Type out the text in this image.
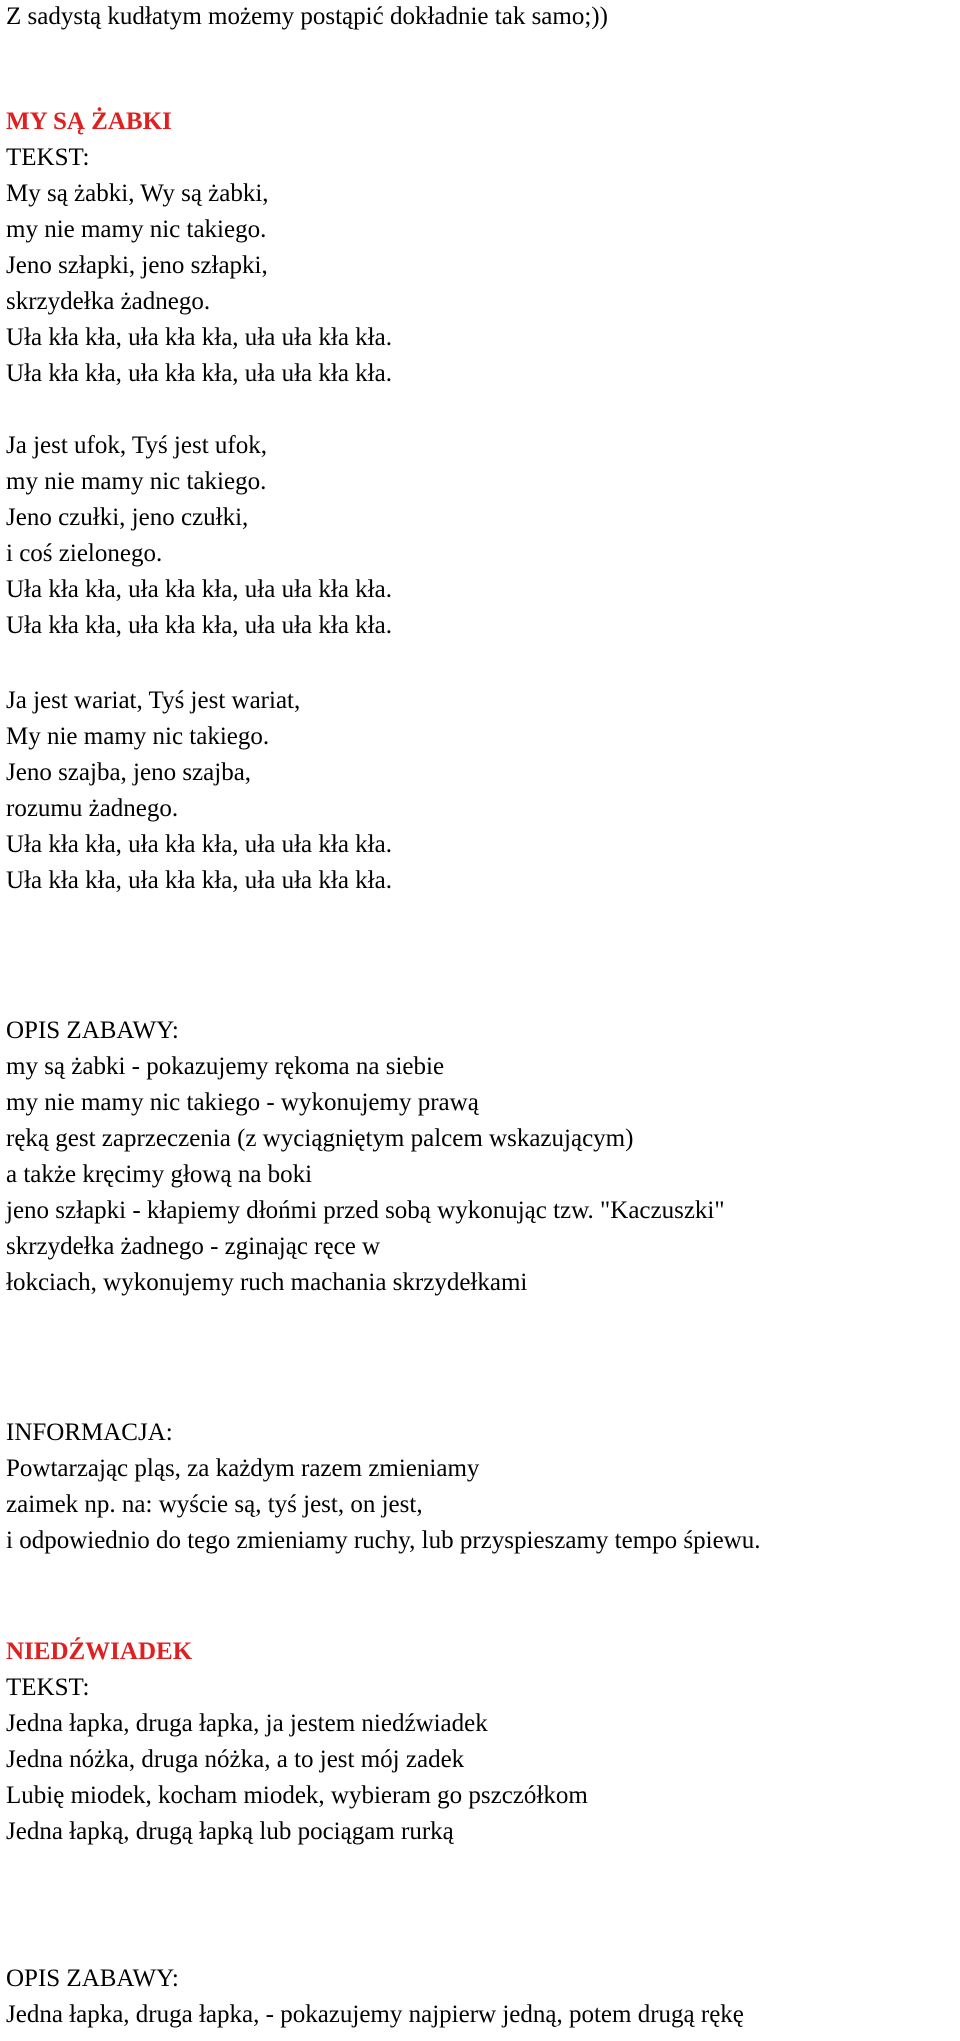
Z sadystą kudłatym możemy postąpić dokładnie tak samo;))

MY SĄ ŻABKI

TEKST:

My są żabki, Wy są żabki,

my nie mamy nic takiego.

Jeno szłapki, jeno szłapki,

skrzydełka żadnego.

Uła kła kła, uła kła kła, uła uła kła kła.

Uła kła kła, uła kła kła, uła uła kła kła.

Ja jest ufok, Tyś jest ufok,

my nie mamy nic takiego.

Jeno czułki, jeno czułki,

i coś zielonego.

Uła kła kła, uła kła kła, uła uła kła kła.

Uła kła kła, uła kła kła, uła uła kła kła.

Ja jest wariat, Tyś jest wariat,

My nie mamy nic takiego.

Jeno szajba, jeno szajba,

rozumu żadnego.

Uła kła kła, uła kła kła, uła uła kła kła.

Uła kła kła, uła kła kła, uła uła kła kła.

OPIS ZABAWY:

my są żabki - pokazujemy rękoma na siebie

my nie mamy nic takiego - wykonujemy prawą

ręką gest zaprzeczenia (z wyciągniętym palcem wskazującym)

a także kręcimy głową na boki

jeno szłapki - kłapiemy dłońmi przed sobą wykonując tzw. "Kaczuszki"

skrzydełka żadnego - zginając ręce w

łokciach, wykonujemy ruch machania skrzydełkami

INFORMACJA:

Powtarzając pląs, za każdym razem zmieniamy

zaimek np. na: wyście są, tyś jest, on jest,

i odpowiednio do tego zmieniamy ruchy, lub przyspieszamy tempo śpiewu.

NIEDŹWIADEK

TEKST:

Jedna łapka, druga łapka, ja jestem niedźwiadek

Jedna nóżka, druga nóżka, a to jest mój zadek

Lubię miodek, kocham miodek, wybieram go pszczółkom

Jedna łapką, drugą łapką lub pociągam rurką

OPIS ZABAWY:

Jedna łapka, druga łapka, - pokazujemy najpierw jedną, potem drugą rękę
